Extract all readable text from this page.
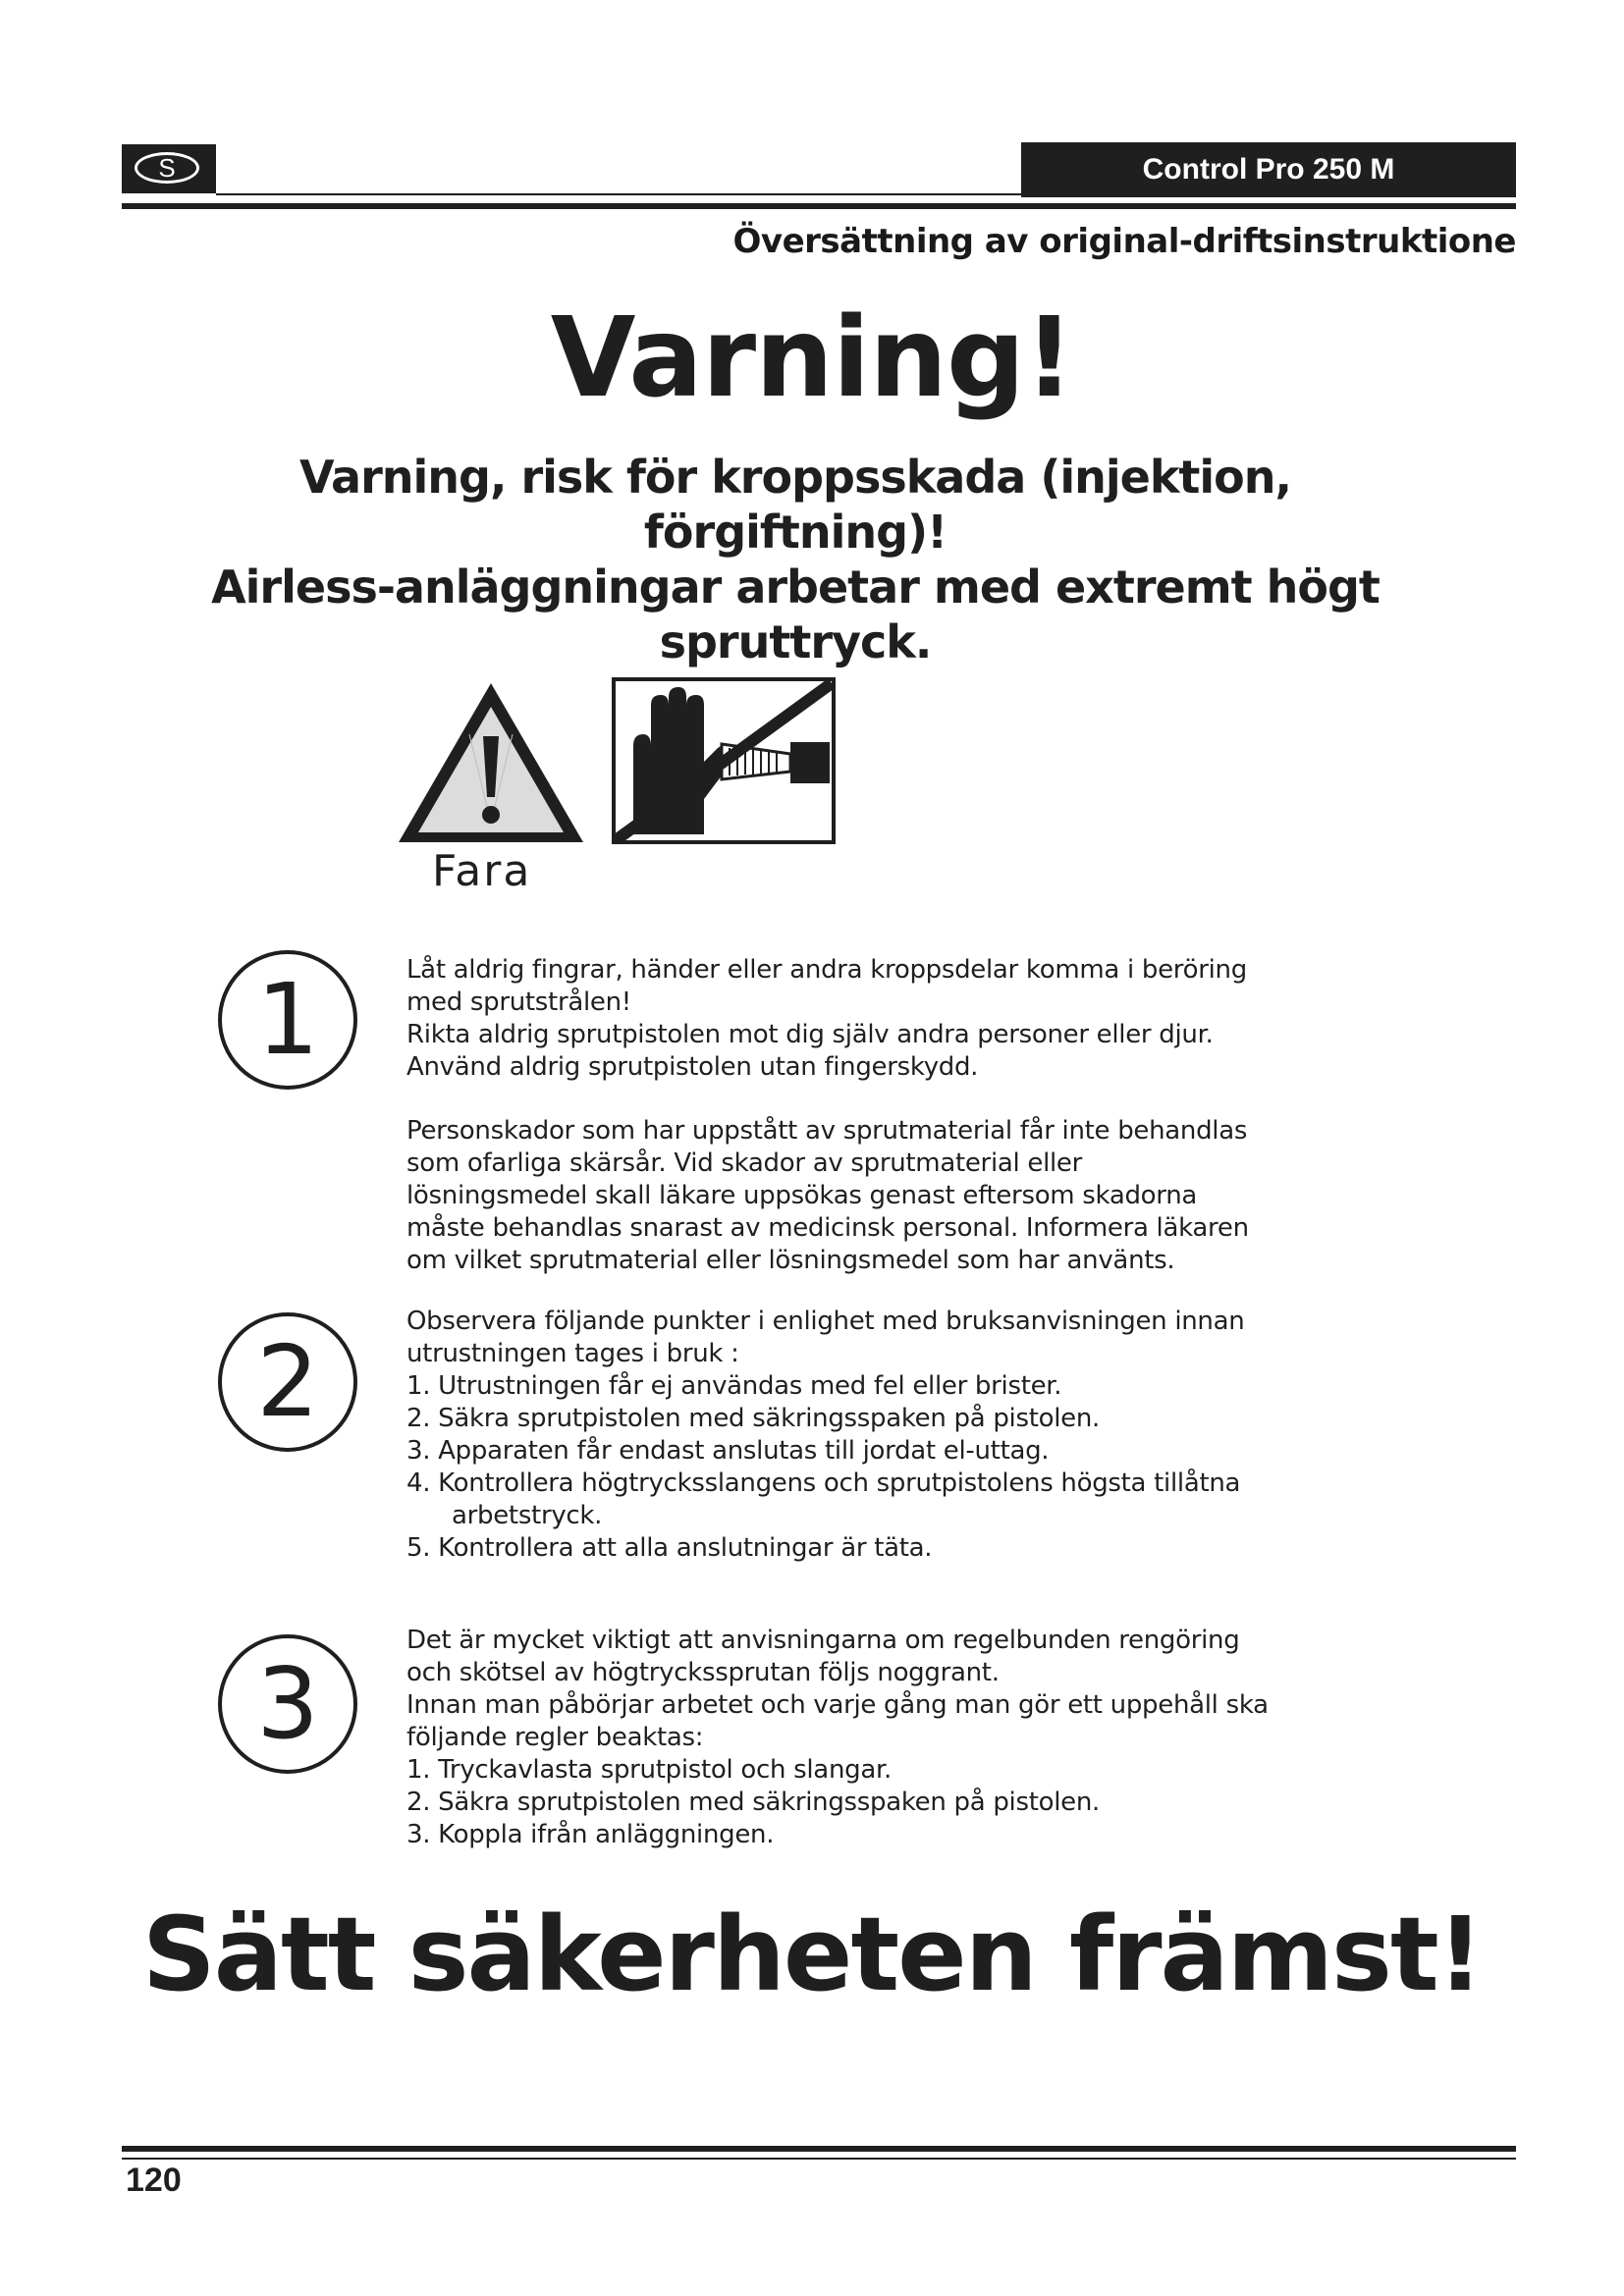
S	Control Pro 250 M
Översättning av original-driftsinstruktione
Varning!
Varning, risk för kroppsskada (injektion, förgiftning)!
Airless-anläggningar arbetar med extremt högt
spruttryck.
Fara
1	Låt aldrig fingrar, händer eller andra kroppsdelar komma i beröring

med sprutstrålen!

Rikta aldrig sprutpistolen mot dig själv andra personer eller djur.

Använd aldrig sprutpistolen utan fingerskydd.

Personskador som har uppstått av sprutmaterial får inte behandlas

som ofarliga skärsår. Vid skador av sprutmaterial eller

lösningsmedel skall läkare uppsökas genast eftersom skadorna

måste behandlas snarast av medicinsk personal. Informera läkaren

om vilket sprutmaterial eller lösningsmedel som har använts.

2

Observera följande punkter i enlighet med bruksanvisningen innan

utrustningen tages i bruk :

1. Utrustningen får ej användas med fel eller brister.

2. Säkra sprutpistolen med säkringsspaken på pistolen.

3. Apparaten får endast anslutas till jordat el-uttag.

4. Kontrollera högtrycksslangens och sprutpistolens högsta tillåtna

arbetstryck.

5. Kontrollera att alla anslutningar är täta.

3

Det är mycket viktigt att anvisningarna om regelbunden rengöring

och skötsel av högtryckssprutan följs noggrant.

Innan man påbörjar arbetet och varje gång man gör ett uppehåll ska

följande regler beaktas:

1. Tryckavlasta sprutpistol och slangar.

2. Säkra sprutpistolen med säkringsspaken på pistolen.

3. Koppla ifrån anläggningen.

Sätt säkerheten främst!
120
